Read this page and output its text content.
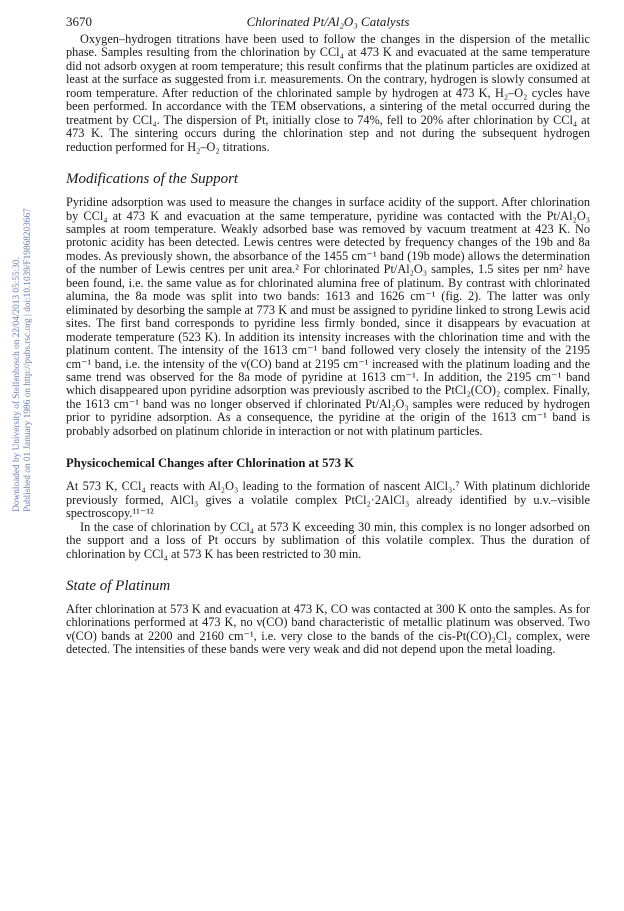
3670	Chlorinated Pt/Al₂O₃ Catalysts
Downloaded by University of Stellenbosch on 22/04/2013 05:55:30. Published on 01 January 1986 on http://pubs.rsc.org | doi:10.1039/F19868203667

Oxygen–hydrogen titrations have been used to follow the changes in the dispersion of the metallic phase. Samples resulting from the chlorination by CCl₄ at 473 K and evacuated at the same temperature did not adsorb oxygen at room temperature; this result confirms that the platinum particles are oxidized at least at the surface as suggested from i.r. measurements. On the contrary, hydrogen is slowly consumed at room temperature. After reduction of the chlorinated sample by hydrogen at 473 K, H₂–O₂ cycles have been performed. In accordance with the TEM observations, a sintering of the metal occurred during the treatment by CCl₄. The dispersion of Pt, initially close to 74%, fell to 20% after chlorination by CCl₄ at 473 K. The sintering occurs during the chlorination step and not during the subsequent hydrogen reduction performed for H₂–O₂ titrations.

Modifications of the Support

Pyridine adsorption was used to measure the changes in surface acidity of the support. After chlorination by CCl₄ at 473 K and evacuation at the same temperature, pyridine was contacted with the Pt/Al₂O₃ samples at room temperature. Weakly adsorbed base was removed by vacuum treatment at 423 K. No protonic acidity has been detected. Lewis centres were detected by frequency changes of the 19b and 8a modes. As previously shown, the absorbance of the 1455 cm⁻¹ band (19b mode) allows the determination of the number of Lewis centres per unit area.² For chlorinated Pt/Al₂O₃ samples, 1.5 sites per nm² have been found, i.e. the same value as for chlorinated alumina free of platinum. By contrast with chlorinated alumina, the 8a mode was split into two bands: 1613 and 1626 cm⁻¹ (fig. 2). The latter was only eliminated by desorbing the sample at 773 K and must be assigned to pyridine linked to strong Lewis acid sites. The first band corresponds to pyridine less firmly bonded, since it disappears by evacuation at moderate temperature (523 K). In addition its intensity increases with the chlorination time and with the platinum content. The intensity of the 1613 cm⁻¹ band followed very closely the intensity of the 2195 cm⁻¹ band, i.e. the intensity of the ν(CO) band at 2195 cm⁻¹ increased with the platinum loading and the same trend was observed for the 8a mode of pyridine at 1613 cm⁻¹. In addition, the 2195 cm⁻¹ band which disappeared upon pyridine adsorption was previously ascribed to the PtCl₂(CO)₂ complex. Finally, the 1613 cm⁻¹ band was no longer observed if chlorinated Pt/Al₂O₃ samples were reduced by hydrogen prior to pyridine adsorption. As a consequence, the pyridine at the origin of the 1613 cm⁻¹ band is probably adsorbed on platinum chloride in interaction or not with platinum particles.

Physicochemical Changes after Chlorination at 573 K

At 573 K, CCl₄ reacts with Al₂O₃ leading to the formation of nascent AlCl₃.⁷ With platinum dichloride previously formed, AlCl₃ gives a volatile complex PtCl₂·2AlCl₃ already identified by u.v.–visible spectroscopy.¹¹⁻¹²

In the case of chlorination by CCl₄ at 573 K exceeding 30 min, this complex is no longer adsorbed on the support and a loss of Pt occurs by sublimation of this volatile complex. Thus the duration of chlorination by CCl₄ at 573 K has been restricted to 30 min.

State of Platinum

After chlorination at 573 K and evacuation at 473 K, CO was contacted at 300 K onto the samples. As for chlorinations performed at 473 K, no ν(CO) band characteristic of metallic platinum was observed. Two ν(CO) bands at 2200 and 2160 cm⁻¹, i.e. very close to the bands of the cis-Pt(CO)₂Cl₂ complex, were detected. The intensities of these bands were very weak and did not depend upon the metal loading.
